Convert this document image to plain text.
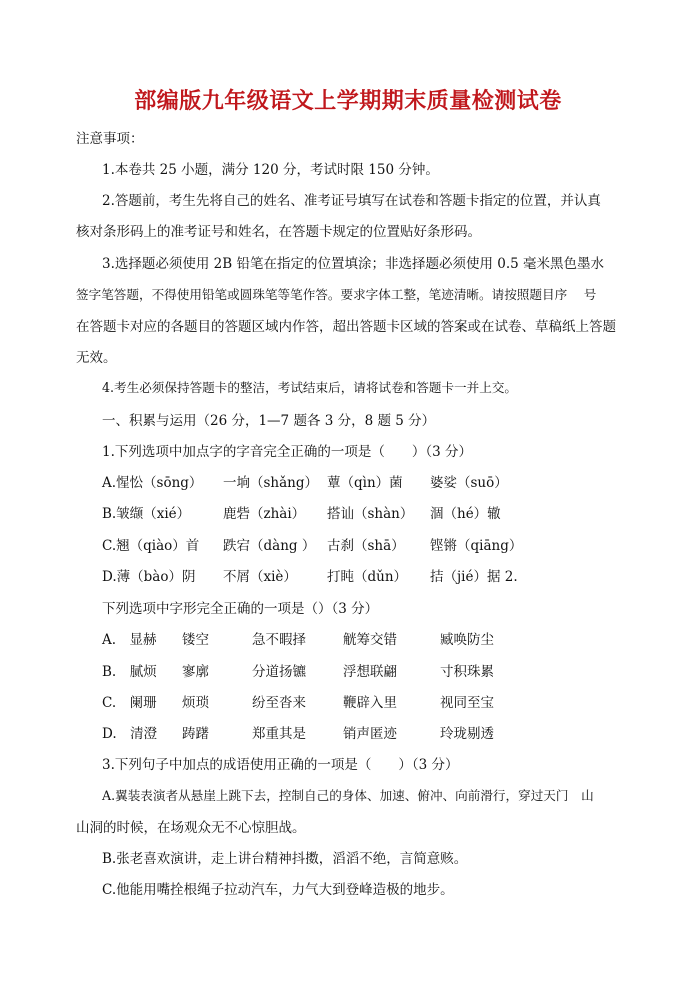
部编版九年级语文上学期期末质量检测试卷
注意事项：
1.本卷共 25 小题，满分 120 分，考试时限 150 分钟。
2.答题前，考生先将自己的姓名、准考证号填写在试卷和答题卡指定的位置，并认真
核对条形码上的准考证号和姓名，在答题卡规定的位置贴好条形码。
3.选择题必须使用 2B 铅笔在指定的位置填涂；非选择题必须使用 0.5 毫米黑色墨水
签字笔答题，不得使用铅笔或圆珠笔等笔作答。要求字体工整，笔迹清晰。请按照题目序　 号
在答题卡对应的各题目的答题区域内作答，超出答题卡区域的答案或在试卷、草稿纸上答题
无效。
4.考生必须保持答题卡的整洁，考试结束后，请将试卷和答题卡一并上交。
一、积累与运用（26 分，1—7 题各 3 分，8 题 5 分）
1.下列选项中加点字的字音完全正确的一项是（　　）（3 分）
A.惺忪（sōng） 一垧（shǎng） 蕈（qìn）菌 婆娑（suō）
B.皱缬（xié） 鹿砦（zhài） 搭讪（shàn） 涸（hé）辙
C.翘（qiào）首 跌宕（dàng ） 古刹（shā） 铿锵（qiāng）
D.薄（bào）阴 不屑（xiè） 打盹（dǔn） 拮（jié）据 2.
下列选项中字形完全正确的一项是（）（3 分）
A.　显赫 镂空	急不暇择	觥筹交错	臧唤防尘
B.　腻烦 寥廓	分道扬镳	浮想联翩	寸积珠累
C.　阑珊 烦琐	纷至沓来	鞭辟入里	视同至宝
D.　清澄 踌躇	郑重其是	销声匿迹	玲珑剔透
3.下列句子中加点的成语使用正确的一项是（　　）（3 分）
A.翼装表演者从悬崖上跳下去，控制自己的身体、加速、俯冲、向前滑行，穿过天门　山
山洞的时候，在场观众无不心惊胆战。
B.张老喜欢演讲，走上讲台精神抖擞，滔滔不绝，言简意赅。
C.他能用嘴拴根绳子拉动汽车，力气大到登峰造极的地步。
